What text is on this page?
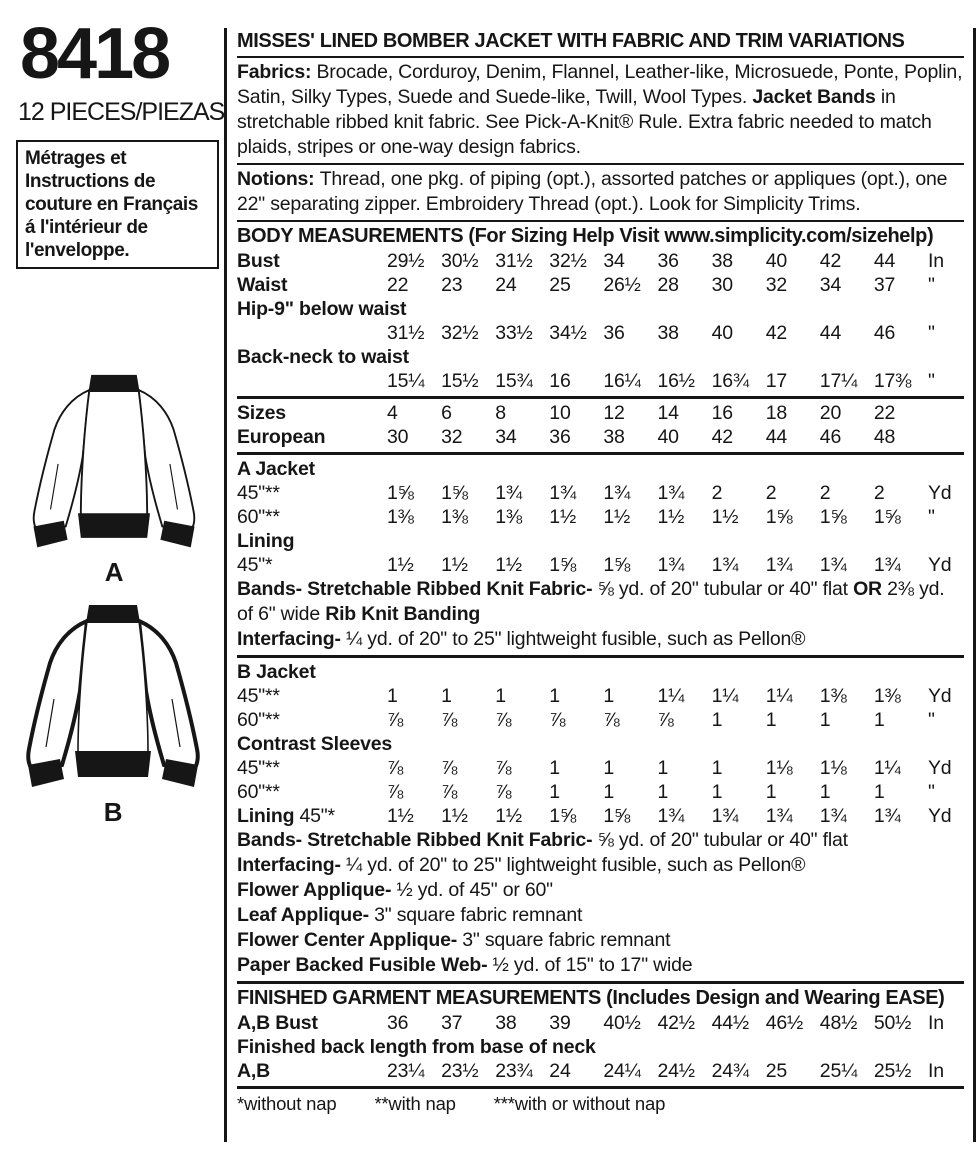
8418
12 PIECES/PIEZAS
Métrages et Instructions de couture en Français á l'intérieur de l'enveloppe.
A
B
MISSES' LINED BOMBER JACKET WITH FABRIC AND TRIM VARIATIONS
Fabrics: Brocade, Corduroy, Denim, Flannel, Leather-like, Microsuede, Ponte, Poplin, Satin, Silky Types, Suede and Suede-like, Twill, Wool Types. Jacket Bands in stretchable ribbed knit fabric. See Pick-A-Knit® Rule. Extra fabric needed to match plaids, stripes or one-way design fabrics.
Notions: Thread, one pkg. of piping (opt.), assorted patches or appliques (opt.), one 22" separating zipper. Embroidery Thread (opt.). Look for Simplicity Trims.
BODY MEASUREMENTS (For Sizing Help Visit www.simplicity.com/sizehelp)
Bust	29½ 30½ 31½ 32½ 34	36	38	40	42	44	In
Waist	22	23	24	25	26½ 28	30	32	34	37	"
Hip-9" below waist
31½ 32½ 33½ 34½ 36	38	40	42	44	46	"
Back-neck to waist
15¼ 15½ 15¾ 16	16¼ 16½ 16¾ 17	17¼ 17⅜ "
Sizes	4	6	8	10	12	14	16	18	20	22
European	30	32	34	36	38	40	42	44	46	48
A Jacket
45"**	1⅝	1⅝	1¾	1¾	1¾	1¾	2	2	2	2	Yd
60"**	1⅜	1⅜	1⅜	1½	1½	1½	1½	1⅝	1⅝	1⅝	"
Lining
45"*	1½	1½	1½	1⅝	1⅝	1¾	1¾	1¾	1¾	1¾	Yd
Bands- Stretchable Ribbed Knit Fabric- ⅝ yd. of 20" tubular or 40" flat OR 2⅜ yd. of 6" wide Rib Knit Banding
Interfacing- ¼ yd. of 20" to 25" lightweight fusible, such as Pellon®
B Jacket
45"**	1	1	1	1	1	1¼	1¼	1¼	1⅜	1⅜	Yd
60"**	⅞	⅞	⅞	⅞	⅞	⅞	1	1	1	1	"
Contrast Sleeves
45"**	⅞	⅞	⅞	1	1	1	1	1⅛	1⅛	1¼	Yd
60"**	⅞	⅞	⅞	1	1	1	1	1	1	1	"
Lining 45"*	1½	1½	1½	1⅝	1⅝	1¾	1¾	1¾	1¾	1¾	Yd
Bands- Stretchable Ribbed Knit Fabric- ⅝ yd. of 20" tubular or 40" flat
Interfacing- ¼ yd. of 20" to 25" lightweight fusible, such as Pellon®
Flower Applique- ½ yd. of 45" or 60"
Leaf Applique- 3" square fabric remnant
Flower Center Applique- 3" square fabric remnant
Paper Backed Fusible Web- ½ yd. of 15" to 17" wide
FINISHED GARMENT MEASUREMENTS (Includes Design and Wearing EASE)
A,B Bust	36	37	38	39	40½ 42½ 44½ 46½ 48½ 50½ In
Finished back length from base of neck
A,B	23¼ 23½ 23¾ 24	24¼ 24½ 24¾ 25	25¼ 25½ In
*without nap **with nap ***with or without nap
